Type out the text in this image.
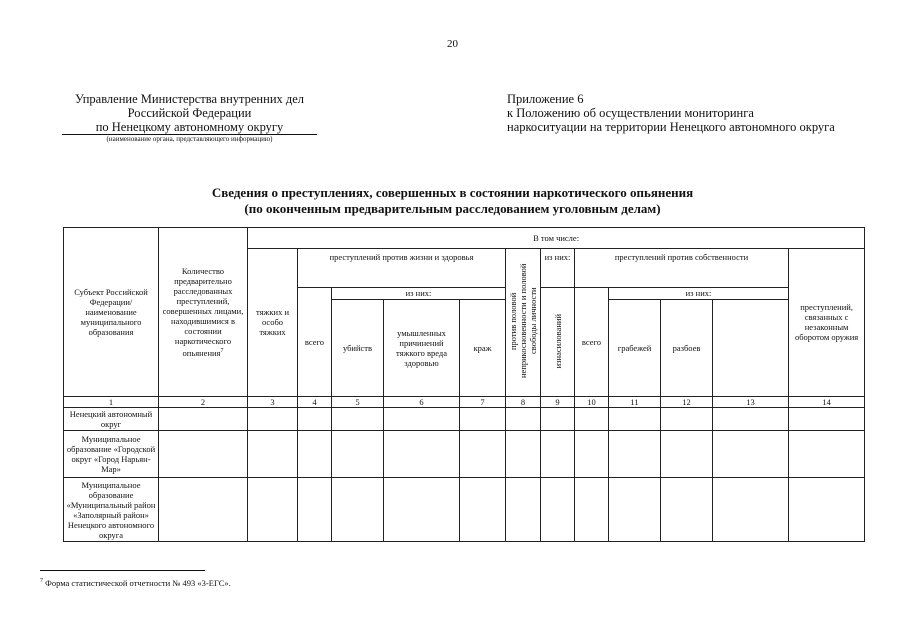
20
Управление Министерства внутренних дел
Российской Федерации
по Ненецкому автономному округу
(наименование органа, представляющего информацию)
Приложение 6
к Положению об осуществлении мониторинга
наркоситуации на территории Ненецкого автономного округа
Сведения о преступлениях, совершенных в состоянии наркотического опьянения
(по оконченным предварительным расследованием уголовным делам)
Субъект Российской Федерации/ наименование муниципального образования	Количество предварительно расследованных преступлений, совершенных лицами, находившимися в состоянии наркотического опьянения$^7$	В том числе:												
		тяжких и особо тяжких	преступлений против жизни и здоровья				против половой неприкосновенности и половой свободы личности	из них:	преступлений против собственности				преступлений, связанных с незаконным оборотом оружия	
			всего	из них:				изнасилований	всего	из них:				
				убийств	умышленных причинений тяжкого вреда здоровью	краж				грабежей	разбоев			
1	2	3	4	5	6	7	8	9	10	11	12	13	14	
Ненецкий автономный округ														
Муниципальное образование «Городской округ «Город Нарьян-Мар»														
Муниципальное образование «Муниципальный район «Заполярный район» Ненецкого автономного округа														
$^7$ Форма статистической отчетности № 493 «3-ЕГС».
